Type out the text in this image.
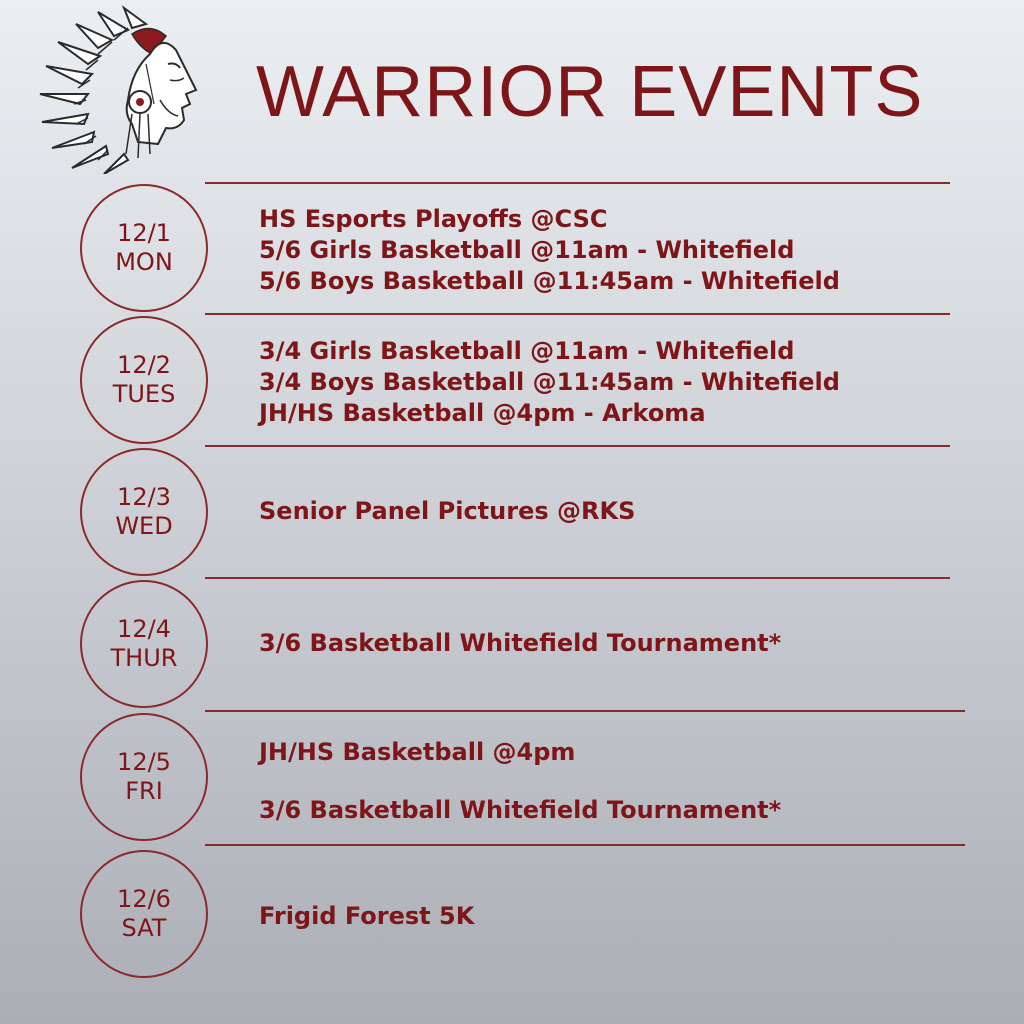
WARRIOR EVENTS
12/1
MON
HS Esports Playoffs @CSC
5/6 Girls Basketball @11am - Whitefield
5/6 Boys Basketball @11:45am - Whitefield
12/2
TUES
3/4 Girls Basketball @11am - Whitefield
3/4 Boys Basketball @11:45am - Whitefield
JH/HS Basketball @4pm - Arkoma
12/3
WED
Senior Panel Pictures @RKS
12/4
THUR
3/6 Basketball Whitefield Tournament*
12/5
FRI
JH/HS Basketball @4pm
3/6 Basketball Whitefield Tournament*
12/6
SAT	Frigid Forest 5K
